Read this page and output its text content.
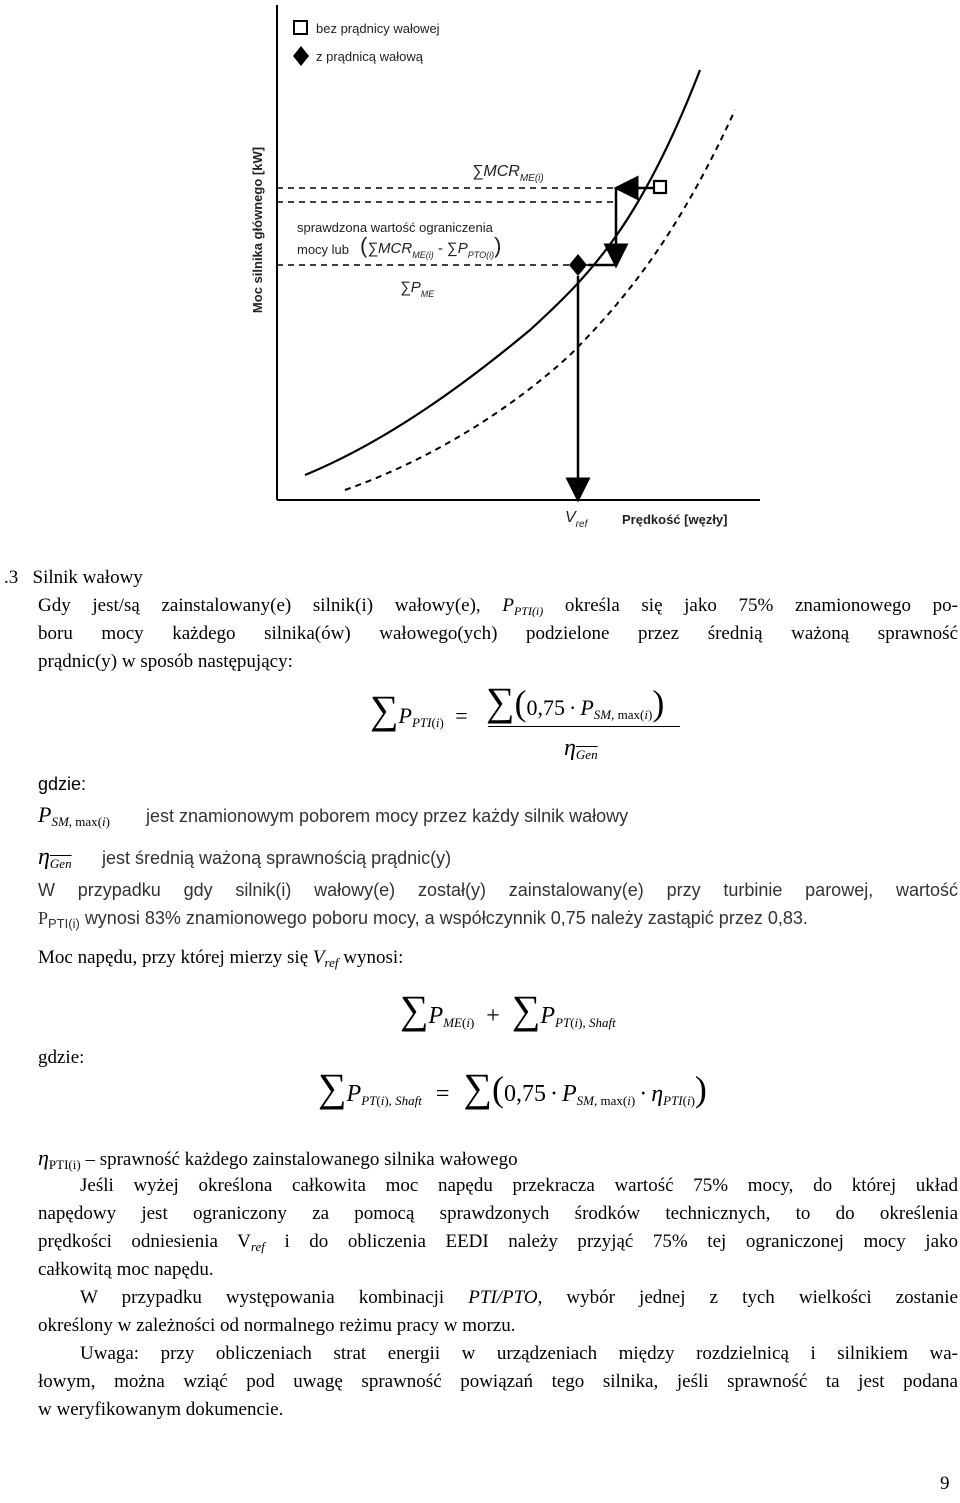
Moc silnika głównego [kW]
bez prądnicy wałowej
z prądnicą wałową
$\sum MCR_{ME(i)}$
sprawdzona wartość ograniczenia
mocy lub $(\sum MCR_{ME(i)} - \sum P_{PTO(i)})$
$\sum P_{ME}$
$V_{ref}$	Prędkość [węzły]
.3 Silnik wałowy
Gdy jest/są zainstalowany(e) silnik(i) wałowy(e), $P_{PTI(i)}$ określa się jako 75% znamionowego po-
boru mocy każdego silnika(ów) wałowego(ych) podzielone przez średnią ważoną sprawność
prądnic(y) w sposób następujący:
$\sum P_{PTI(i)} = \sum(0,75 \cdot P_{SM, max(i)})$
$\eta_{\overline{Gen}}$
gdzie:
$P_{SM, max(i)}$ jest znamionowym poborem mocy przez każdy silnik wałowy
$\eta_{\overline{Gen}}$ jest średnią ważoną sprawnością prądnic(y)
W przypadku gdy silnik(i) wałowy(e) został(y) zainstalowany(e) przy turbinie parowej, wartość
$P_{PTI(i)}$ wynosi 83% znamionowego poboru mocy, a współczynnik 0,75 należy zastąpić przez 0,83.
Moc napędu, przy której mierzy się $V_{ref}$ wynosi:
$\sum P_{ME(i)} + \sum P_{PT(i), Shaft}$
gdzie:
$\sum P_{PT(i), Shaft} = \sum(0,75 \cdot P_{SM, max(i)} \cdot \eta_{PTI(i)})$
$\eta_{PTI(i)}$ – sprawność każdego zainstalowanego silnika wałowego
Jeśli wyżej określona całkowita moc napędu przekracza wartość 75% mocy, do której układ
napędowy jest ograniczony za pomocą sprawdzonych środków technicznych, to do określenia
prędkości odniesienia $V_{ref}$ i do obliczenia EEDI należy przyjąć 75% tej ograniczonej mocy jako
całkowitą moc napędu.
W przypadku występowania kombinacji PTI/PTO, wybór jednej z tych wielkości zostanie
określony w zależności od normalnego reżimu pracy w morzu.
Uwaga: przy obliczeniach strat energii w urządzeniach między rozdzielnicą i silnikiem wa-
łowym, można wziąć pod uwagę sprawność powiązań tego silnika, jeśli sprawność ta jest podana
w weryfikowanym dokumencie.
9
